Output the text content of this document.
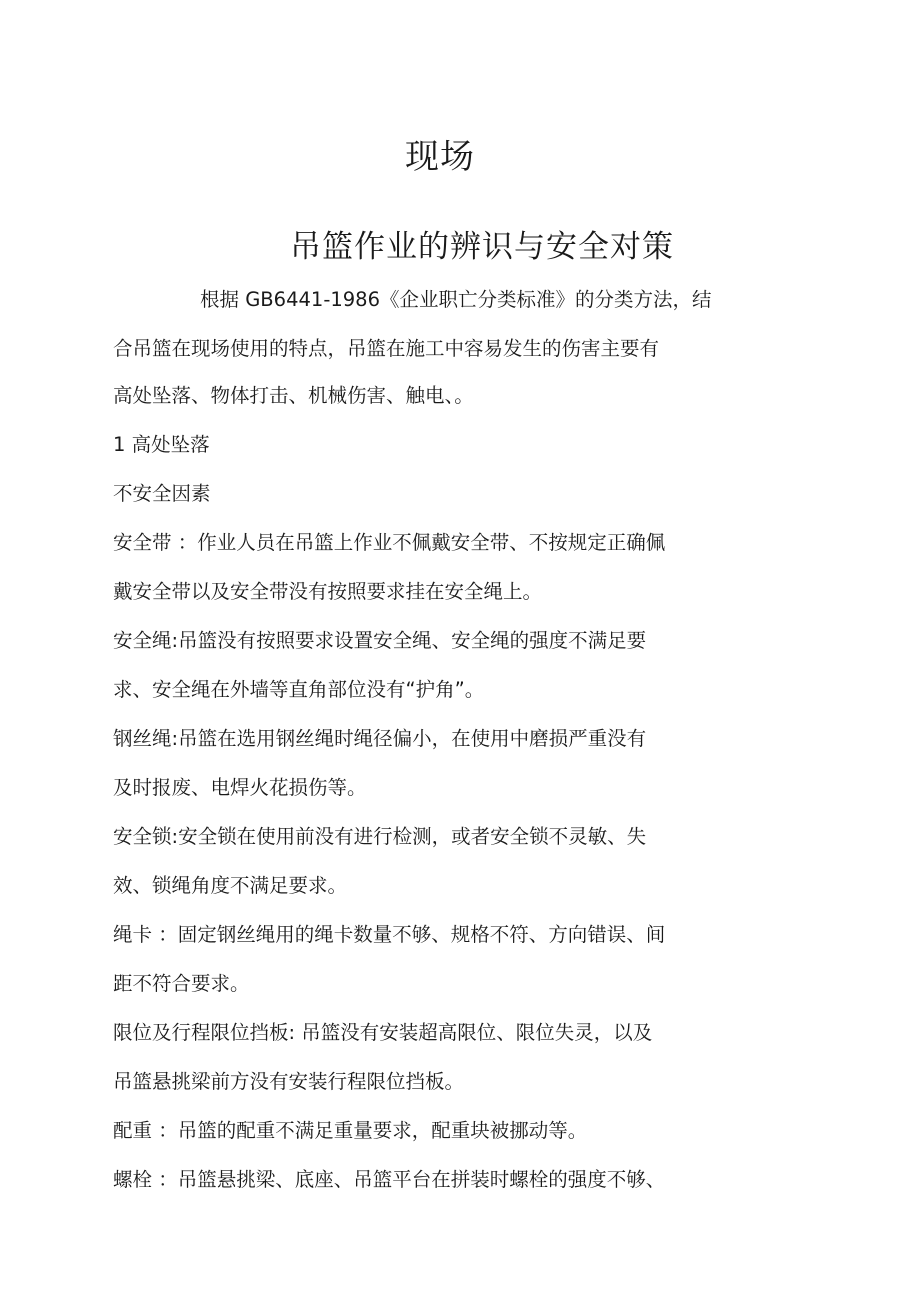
现场
吊篮作业的辨识与安全对策
根据 GB6441-1986《企业职亡分类标准》的分类方法，结
合吊篮在现场使用的特点，吊篮在施工中容易发生的伤害主要有
高处坠落、物体打击、机械伤害、触电、。
1 高处坠落
不安全因素
安全带 ：作业人员在吊篮上作业不佩戴安全带、不按规定正确佩
戴安全带以及安全带没有按照要求挂在安全绳上。
安全绳:吊篮没有按照要求设置安全绳、安全绳的强度不满足要
求、安全绳在外墙等直角部位没有“护角”。
钢丝绳:吊篮在选用钢丝绳时绳径偏小，在使用中磨损严重没有
及时报废、电焊火花损伤等。
安全锁:安全锁在使用前没有进行检测，或者安全锁不灵敏、失
效、锁绳角度不满足要求。
绳卡 ：固定钢丝绳用的绳卡数量不够、规格不符、方向错误、间
距不符合要求。
限位及行程限位挡板: 吊篮没有安装超高限位、限位失灵，以及
吊篮悬挑梁前方没有安装行程限位挡板。
配重 ：吊篮的配重不满足重量要求，配重块被挪动等。
螺栓 ：吊篮悬挑梁、底座、吊篮平台在拼装时螺栓的强度不够、
